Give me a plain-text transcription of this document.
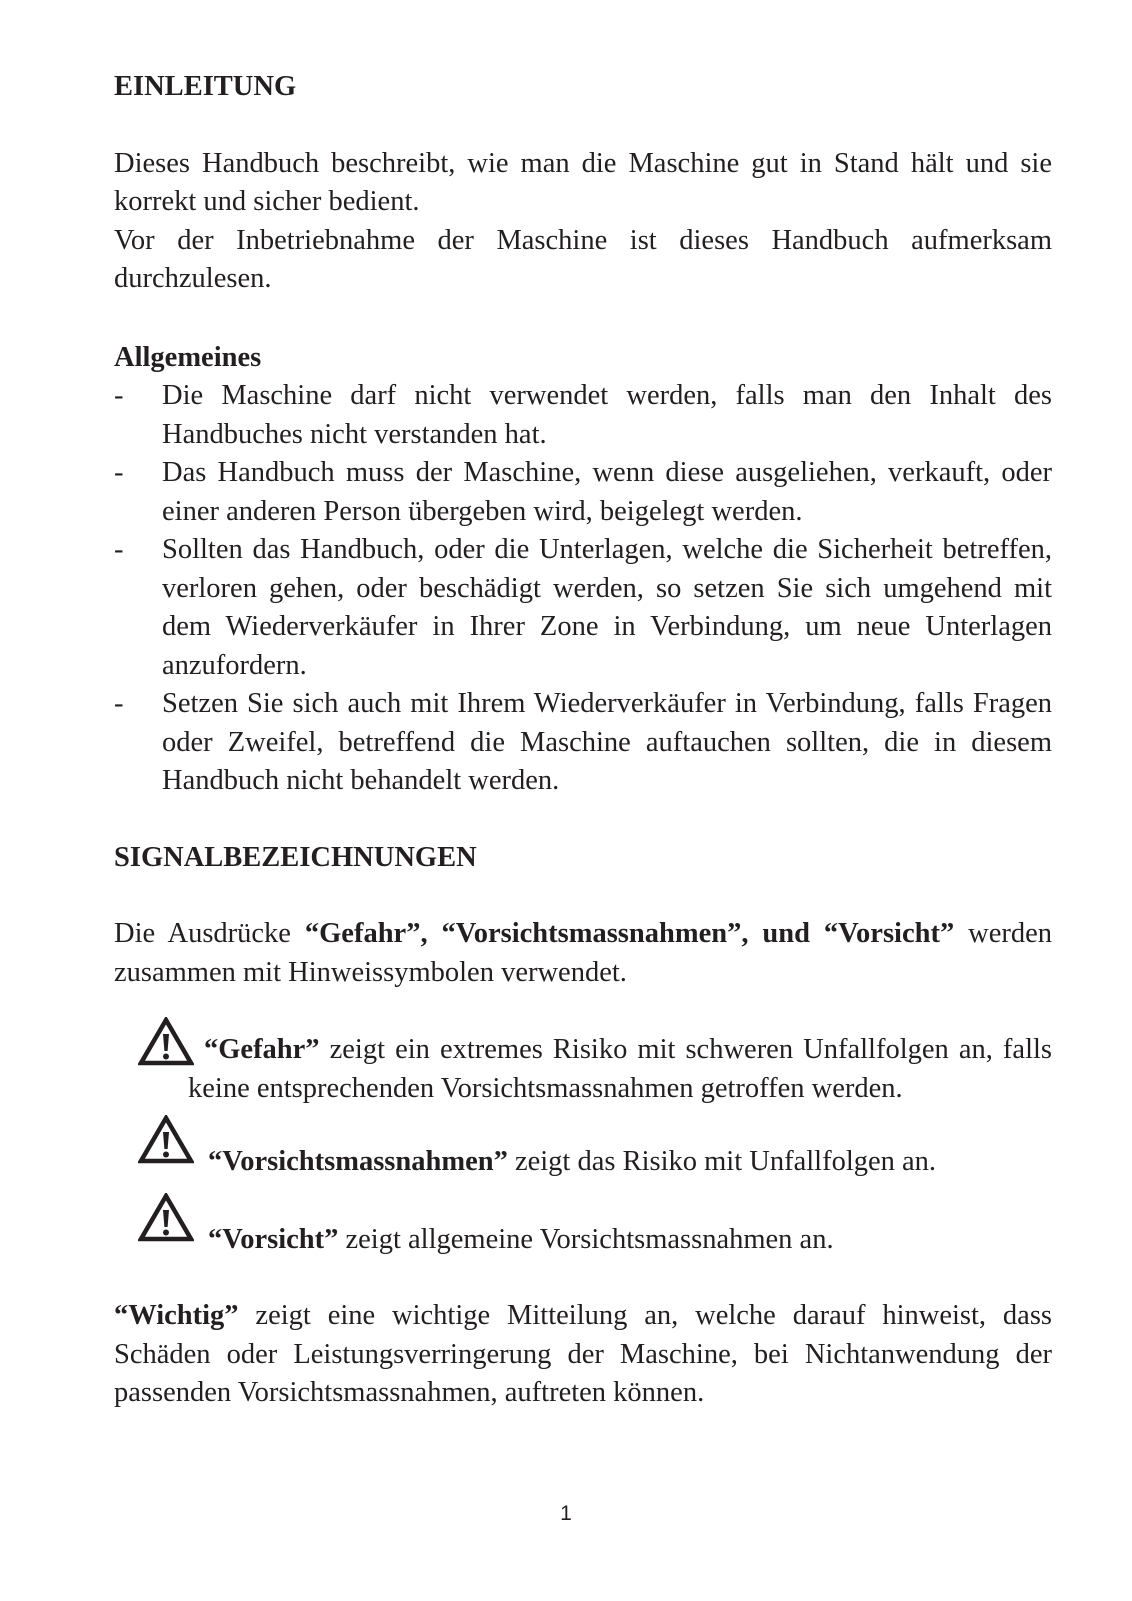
EINLEITUNG
Dieses Handbuch beschreibt, wie man die Maschine gut in Stand hält und sie korrekt und sicher bedient.
Vor der Inbetriebnahme der Maschine ist dieses Handbuch aufmerksam durchzulesen.
Allgemeines
- Die Maschine darf nicht verwendet werden, falls man den Inhalt des Handbuches nicht verstanden hat.
- Das Handbuch muss der Maschine, wenn diese ausgeliehen, verkauft, oder einer anderen Person übergeben wird, beigelegt werden.
- Sollten das Handbuch, oder die Unterlagen, welche die Sicherheit betreffen, verloren gehen, oder beschädigt werden, so setzen Sie sich umgehend mit dem Wiederverkäufer in Ihrer Zone in Verbindung, um neue Unterlagen anzufordern.
- Setzen Sie sich auch mit Ihrem Wiederverkäufer in Verbindung, falls Fragen oder Zweifel, betreffend die Maschine auftauchen sollten, die in diesem Handbuch nicht behandelt werden.
SIGNALBEZEICHNUNGEN
Die Ausdrücke “Gefahr”, “Vorsichtsmassnahmen”, und “Vorsicht” werden zusammen mit Hinweissymbolen verwendet.
“Gefahr” zeigt ein extremes Risiko mit schweren Unfallfolgen an, falls keine entsprechenden Vorsichtsmassnahmen getroffen werden.
“Vorsichtsmassnahmen” zeigt das Risiko mit Unfallfolgen an.
“Vorsicht” zeigt allgemeine Vorsichtsmassnahmen an.
“Wichtig” zeigt eine wichtige Mitteilung an, welche darauf hinweist, dass Schäden oder Leistungsverringerung der Maschine, bei Nichtanwendung der passenden Vorsichtsmassnahmen, auftreten können.
1
